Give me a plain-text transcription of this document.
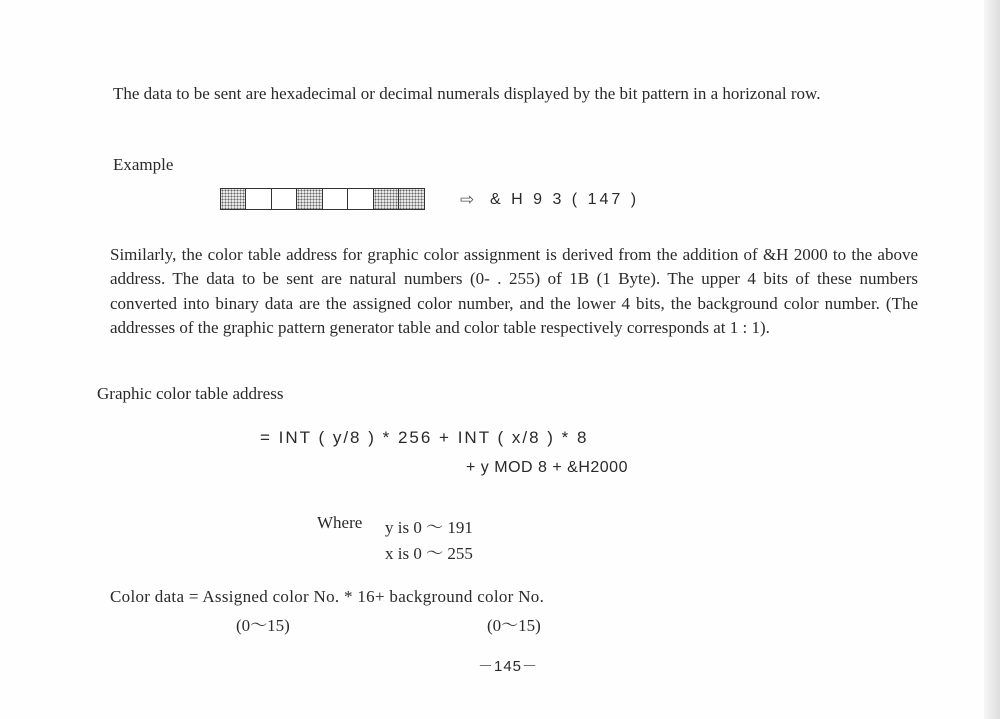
The data to be sent are hexadecimal or decimal numerals displayed by the bit pattern in a horizonal row.
Example
⇨ & H 9 3 ( 147 )
Similarly, the color table address for graphic color assignment is derived from the addition of &H 2000 to the above address. The data to be sent are natural numbers (0- . 255) of 1B (1 Byte). The upper 4 bits of these numbers converted into binary data are the assigned color number, and the lower 4 bits, the background color number. (The addresses of the graphic pattern generator table and color table respectively corresponds at 1 : 1).
Graphic color table address
= INT ( y/8 ) * 256 + INT ( x/8 ) * 8
+ y MOD 8 + &H2000
Where y is 0 ～ 191
x is 0 ～ 255
Color data = Assigned color No. * 16+ background color No.
(0～15)	(0～15)
－145－
